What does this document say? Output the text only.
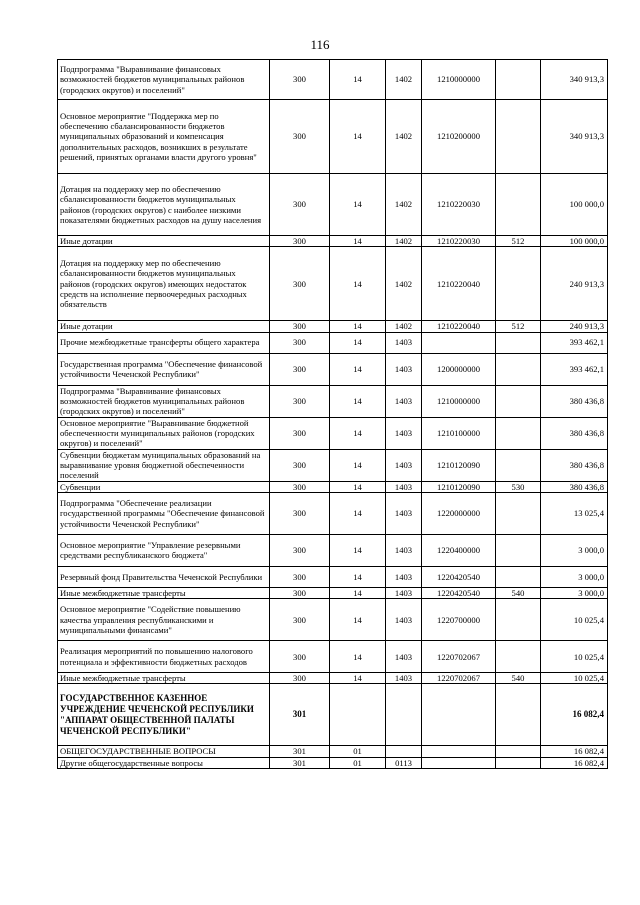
116
Подпрограмма "Выравнивание финансовых возможностей бюджетов муниципальных районов (городских округов) и поселений"	300	14	1402	1210000000		340 913,3
Основное мероприятие "Поддержка мер по обеспечению сбалансированности бюджетов муниципальных образований и компенсация дополнительных расходов, возникших в результате решений, принятых органами власти другого уровня"	300	14	1402	1210200000		340 913,3
Дотация на поддержку мер по обеспечению сбалансированности бюджетов муниципальных районов (городских округов) с наиболее низкими показателями бюджетных расходов на душу населения	300	14	1402	1210220030		100 000,0
Иные дотации	300	14	1402	1210220030	512	100 000,0
Дотация на поддержку мер по обеспечению сбалансированности бюджетов муниципальных районов (городских округов) имеющих недостаток средств на исполнение первоочередных расходных обязательств	300	14	1402	1210220040		240 913,3
Иные дотации	300	14	1402	1210220040	512	240 913,3
Прочие межбюджетные трансферты общего характера	300	14	1403			393 462,1
Государственная программа "Обеспечение финансовой устойчивости Чеченской Республики"	300	14	1403	1200000000		393 462,1
Подпрограмма "Выравнивание финансовых возможностей бюджетов муниципальных районов (городских округов) и поселений"	300	14	1403	1210000000		380 436,8
Основное мероприятие "Выравнивание бюджетной обеспеченности муниципальных районов (городских округов) и поселений"	300	14	1403	1210100000		380 436,8
Субвенции бюджетам муниципальных образований на выравнивание уровня бюджетной обеспеченности поселений	300	14	1403	1210120090		380 436,8
Субвенции	300	14	1403	1210120090	530	380 436,8
Подпрограмма "Обеспечение реализации государственной программы "Обеспечение финансовой устойчивости Чеченской Республики"	300	14	1403	1220000000		13 025,4
Основное мероприятие "Управление резервными средствами республиканского бюджета"	300	14	1403	1220400000		3 000,0
Резервный фонд Правительства Чеченской Республики	300	14	1403	1220420540		3 000,0
Иные межбюджетные трансферты	300	14	1403	1220420540	540	3 000,0
Основное мероприятие "Содействие повышению качества управления республиканскими и муниципальными финансами"	300	14	1403	1220700000		10 025,4
Реализация мероприятий по повышению налогового потенциала и эффективности бюджетных расходов	300	14	1403	1220702067		10 025,4
Иные межбюджетные трансферты	300	14	1403	1220702067	540	10 025,4
ГОСУДАРСТВЕННОЕ КАЗЕННОЕ УЧРЕЖДЕНИЕ ЧЕЧЕНСКОЙ РЕСПУБЛИКИ "АППАРАТ ОБЩЕСТВЕННОЙ ПАЛАТЫ ЧЕЧЕНСКОЙ РЕСПУБЛИКИ"	301					16 082,4
ОБЩЕГОСУДАРСТВЕННЫЕ ВОПРОСЫ	301	01				16 082,4
Другие общегосударственные вопросы	301	01	0113			16 082,4
